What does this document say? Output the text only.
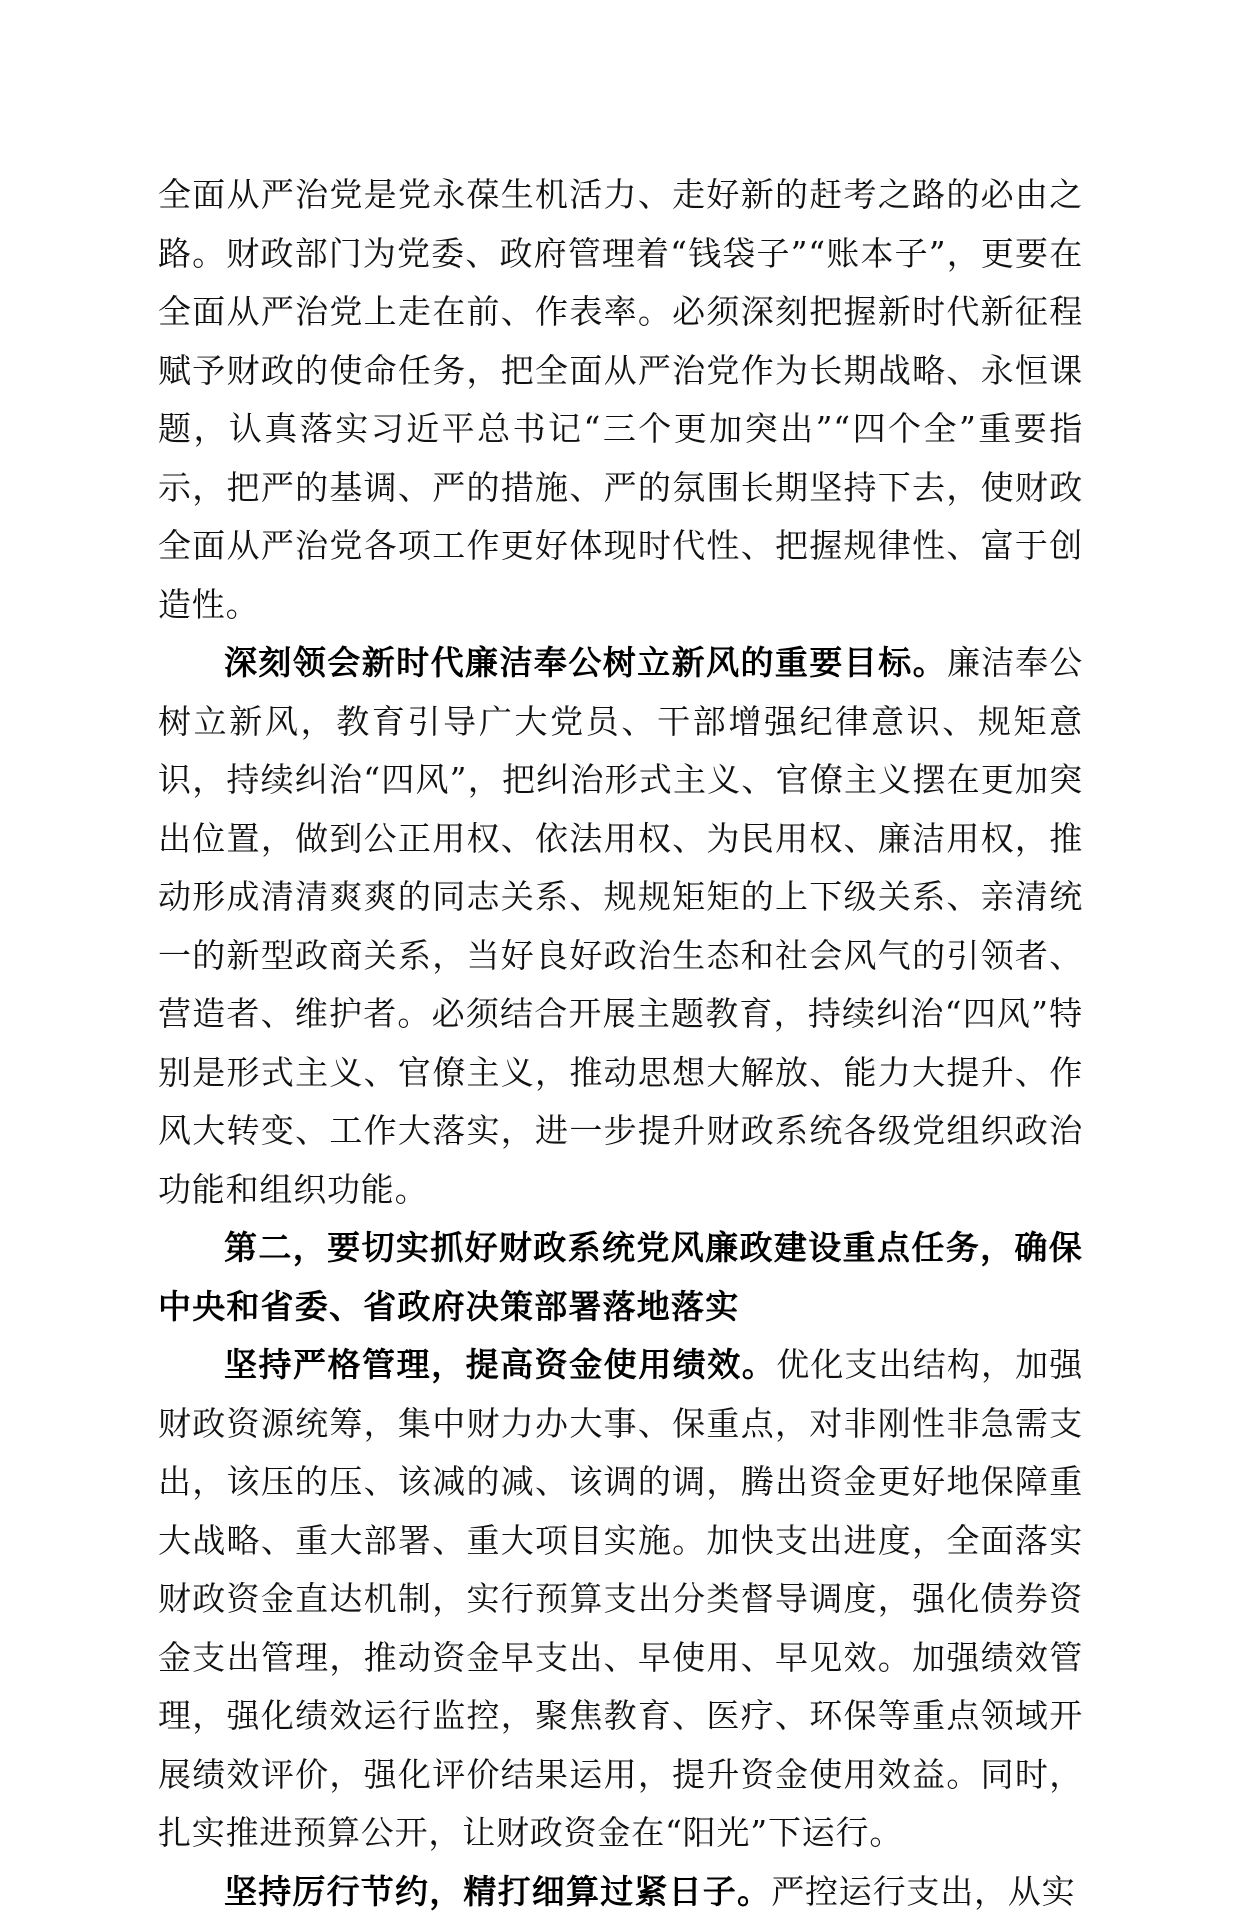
全面从严治党是党永葆生机活力、走好新的赶考之路的必由之路。财政部门为党委、政府管理着“钱袋子”“账本子”，更要在全面从严治党上走在前、作表率。必须深刻把握新时代新征程赋予财政的使命任务，把全面从严治党作为长期战略、永恒课题，认真落实习近平总书记“三个更加突出”“四个全”重要指示，把严的基调、严的措施、严的氛围长期坚持下去，使财政全面从严治党各项工作更好体现时代性、把握规律性、富于创造性。

深刻领会新时代廉洁奉公树立新风的重要目标。廉洁奉公树立新风，教育引导广大党员、干部增强纪律意识、规矩意识，持续纠治“四风”，把纠治形式主义、官僚主义摆在更加突出位置，做到公正用权、依法用权、为民用权、廉洁用权，推动形成清清爽爽的同志关系、规规矩矩的上下级关系、亲清统一的新型政商关系，当好良好政治生态和社会风气的引领者、营造者、维护者。必须结合开展主题教育，持续纠治“四风”特别是形式主义、官僚主义，推动思想大解放、能力大提升、作风大转变、工作大落实，进一步提升财政系统各级党组织政治功能和组织功能。

第二，要切实抓好财政系统党风廉政建设重点任务，确保中央和省委、省政府决策部署落地落实

坚持严格管理，提高资金使用绩效。优化支出结构，加强财政资源统筹，集中财力办大事、保重点，对非刚性非急需支出，该压的压、该减的减、该调的调，腾出资金更好地保障重大战略、重大部署、重大项目实施。加快支出进度，全面落实财政资金直达机制，实行预算支出分类督导调度，强化债券资金支出管理，推动资金早支出、早使用、早见效。加强绩效管理，强化绩效运行监控，聚焦教育、医疗、环保等重点领域开展绩效评价，强化评价结果运用，提升资金使用效益。同时，扎实推进预算公开，让财政资金在“阳光”下运行。

坚持厉行节约，精打细算过紧日子。严控运行支出，从实
